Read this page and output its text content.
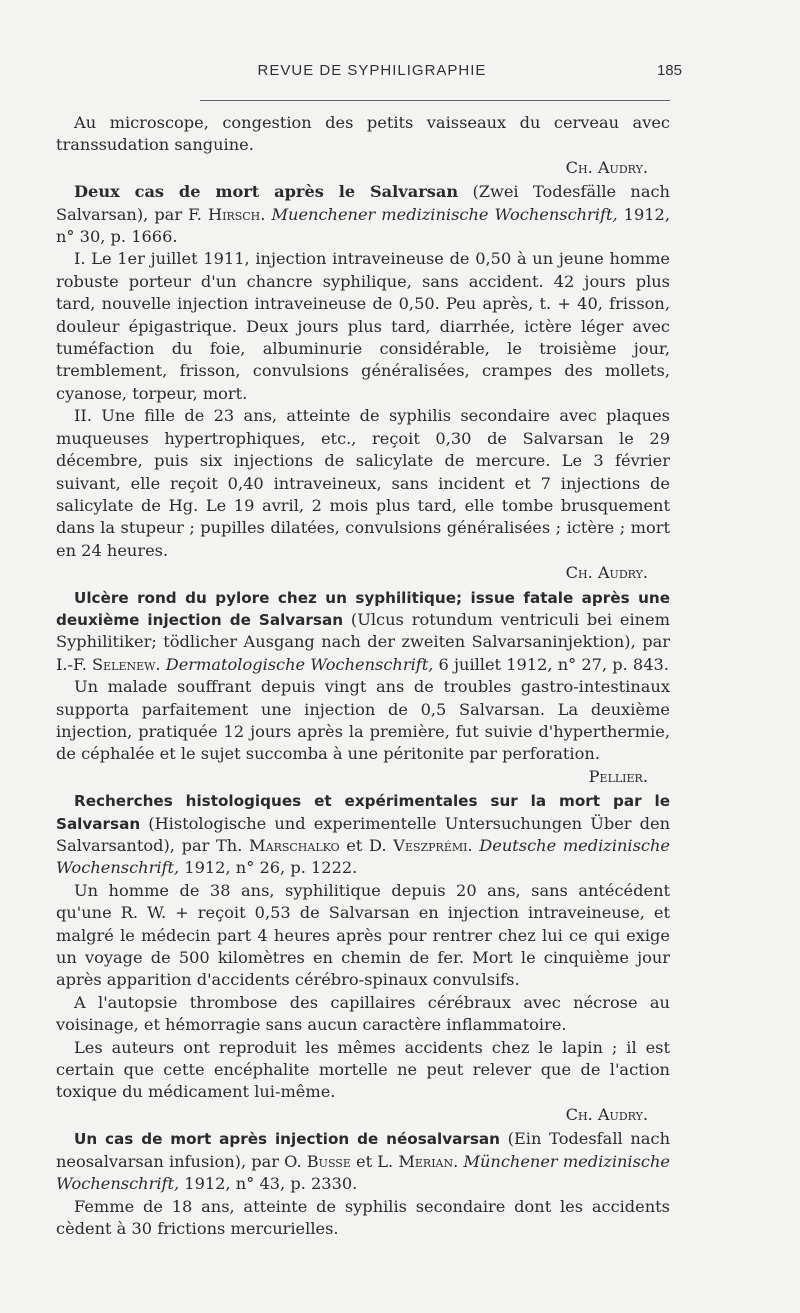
REVUE DE SYPHILIGRAPHIE	185

Au microscope, congestion des petits vaisseaux du cerveau avec transsudation sanguine.

Ch. Audry.

Deux cas de mort après le Salvarsan (Zwei Todesfälle nach Salvarsan), par F. Hirsch. Muenchener medizinische Wochenschrift, 1912, n° 30, p. 1666.

I. Le 1er juillet 1911, injection intraveineuse de 0,50 à un jeune homme robuste porteur d'un chancre syphilique, sans accident. 42 jours plus tard, nouvelle injection intraveineuse de 0,50. Peu après, t. + 40, frisson, douleur épigastrique. Deux jours plus tard, diarrhée, ictère léger avec tuméfaction du foie, albuminurie considérable, le troisième jour, tremblement, frisson, convulsions généralisées, crampes des mollets, cyanose, torpeur, mort.

II. Une fille de 23 ans, atteinte de syphilis secondaire avec plaques muqueuses hypertrophiques, etc., reçoit 0,30 de Salvarsan le 29 décembre, puis six injections de salicylate de mercure. Le 3 février suivant, elle reçoit 0,40 intraveineux, sans incident et 7 injections de salicylate de Hg. Le 19 avril, 2 mois plus tard, elle tombe brusquement dans la stupeur ; pupilles dilatées, convulsions généralisées ; ictère ; mort en 24 heures.

Ch. Audry.

Ulcère rond du pylore chez un syphilitique; issue fatale après une deuxième injection de Salvarsan (Ulcus rotundum ventriculi bei einem Syphilitiker; tödlicher Ausgang nach der zweiten Salvarsaninjektion), par I.-F. Selenew. Dermatologische Wochenschrift, 6 juillet 1912, n° 27, p. 843.

Un malade souffrant depuis vingt ans de troubles gastro-intestinaux supporta parfaitement une injection de 0,5 Salvarsan. La deuxième injection, pratiquée 12 jours après la première, fut suivie d'hyperthermie, de céphalée et le sujet succomba à une péritonite par perforation.

Pellier.

Recherches histologiques et expérimentales sur la mort par le Salvarsan (Histologische und experimentelle Untersuchungen Über den Salvarsantod), par Th. Marschalko et D. Veszprémi. Deutsche medizinische Wochenschrift, 1912, n° 26, p. 1222.

Un homme de 38 ans, syphilitique depuis 20 ans, sans antécédent qu'une R. W. + reçoit 0,53 de Salvarsan en injection intraveineuse, et malgré le médecin part 4 heures après pour rentrer chez lui ce qui exige un voyage de 500 kilomètres en chemin de fer. Mort le cinquième jour après apparition d'accidents cérébro-spinaux convulsifs.

A l'autopsie thrombose des capillaires cérébraux avec nécrose au voisinage, et hémorragie sans aucun caractère inflammatoire.

Les auteurs ont reproduit les mêmes accidents chez le lapin ; il est certain que cette encéphalite mortelle ne peut relever que de l'action toxique du médicament lui-même.

Ch. Audry.

Un cas de mort après injection de néosalvarsan (Ein Todesfall nach neosalvarsan infusion), par O. Busse et L. Merian. Münchener medizinische Wochenschrift, 1912, n° 43, p. 2330.

Femme de 18 ans, atteinte de syphilis secondaire dont les accidents cèdent à 30 frictions mercurielles.
